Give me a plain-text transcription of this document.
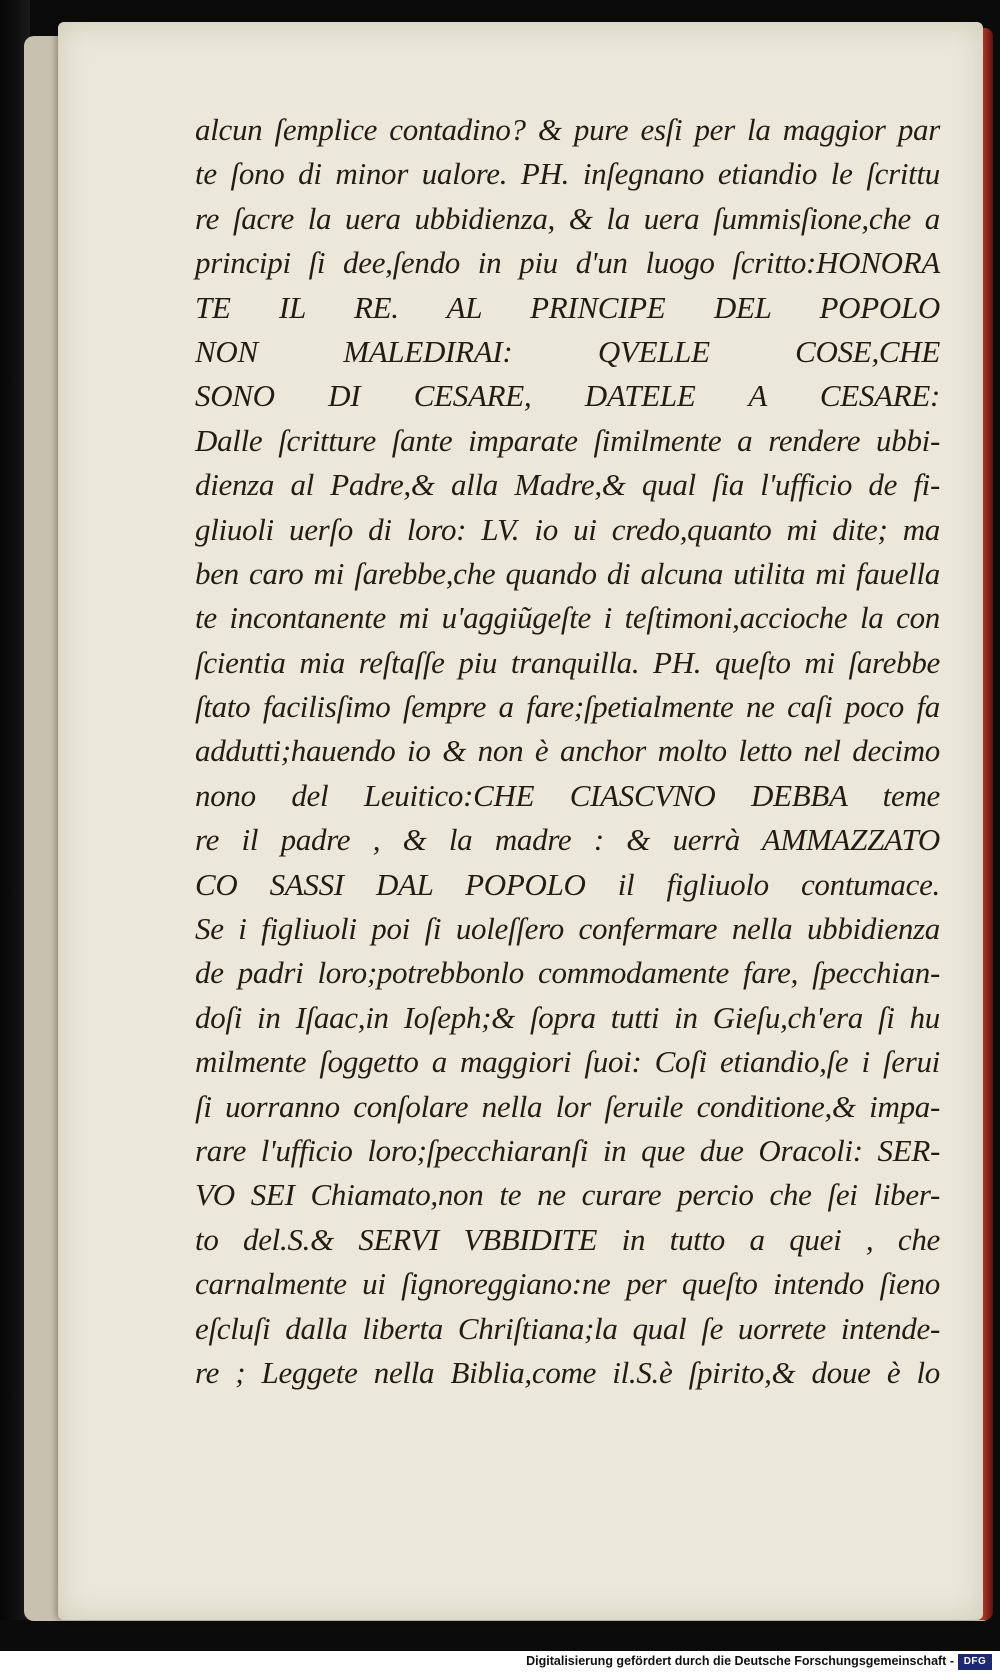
alcun ſemplice contadino? & pure esſi per la maggior par
te ſono di minor ualore. PH. inſegnano etiandio le ſcrittu
re ſacre la uera ubbidienza, & la uera ſummisſione,che a
principi ſi dee,ſendo in piu d'un luogo ſcritto:HONORA
TE IL RE. AL PRINCIPE DEL POPOLO
NON MALEDIRAI: QVELLE COSE,CHE
SONO DI CESARE, DATELE A CESARE:
Dalle ſcritture ſante imparate ſimilmente a rendere ubbi-
dienza al Padre,& alla Madre,& qual ſia l'ufficio de fi-
gliuoli uerſo di loro: LV. io ui credo,quanto mi dite; ma
ben caro mi ſarebbe,che quando di alcuna utilita mi fauella
te incontanente mi u'aggiũgeſte i teſtimoni,accioche la con
ſcientia mia reſtaſſe piu tranquilla. PH. queſto mi ſarebbe
ſtato facilisſimo ſempre a fare;ſpetialmente ne caſi poco fa
addutti;hauendo io & non è anchor molto letto nel decimo
nono del Leuitico:CHE CIASCVNO DEBBA teme
re il padre , & la madre : & uerrà AMMAZZATO
CO SASSI DAL POPOLO il figliuolo contumace.
Se i figliuoli poi ſi uoleſſero confermare nella ubbidienza
de padri loro;potrebbonlo commodamente fare, ſpecchian-
doſi in Iſaac,in Ioſeph;& ſopra tutti in Gieſu,ch'era ſi hu
milmente ſoggetto a maggiori ſuoi: Coſi etiandio,ſe i ſerui
ſi uorranno conſolare nella lor ſeruile conditione,& impa-
rare l'ufficio loro;ſpecchiaranſi in que due Oracoli: SER-
VO SEI Chiamato,non te ne curare percio che ſei liber-
to del.S.& SERVI VBBIDITE in tutto a quei , che
carnalmente ui ſignoreggiano:ne per queſto intendo ſieno
eſcluſi dalla liberta Chriſtiana;la qual ſe uorrete intende-
re ; Leggete nella Biblia,come il.S.è ſpirito,& doue è lo
Digitalisierung gefördert durch die Deutsche Forschungsgemeinschaft - DFG
